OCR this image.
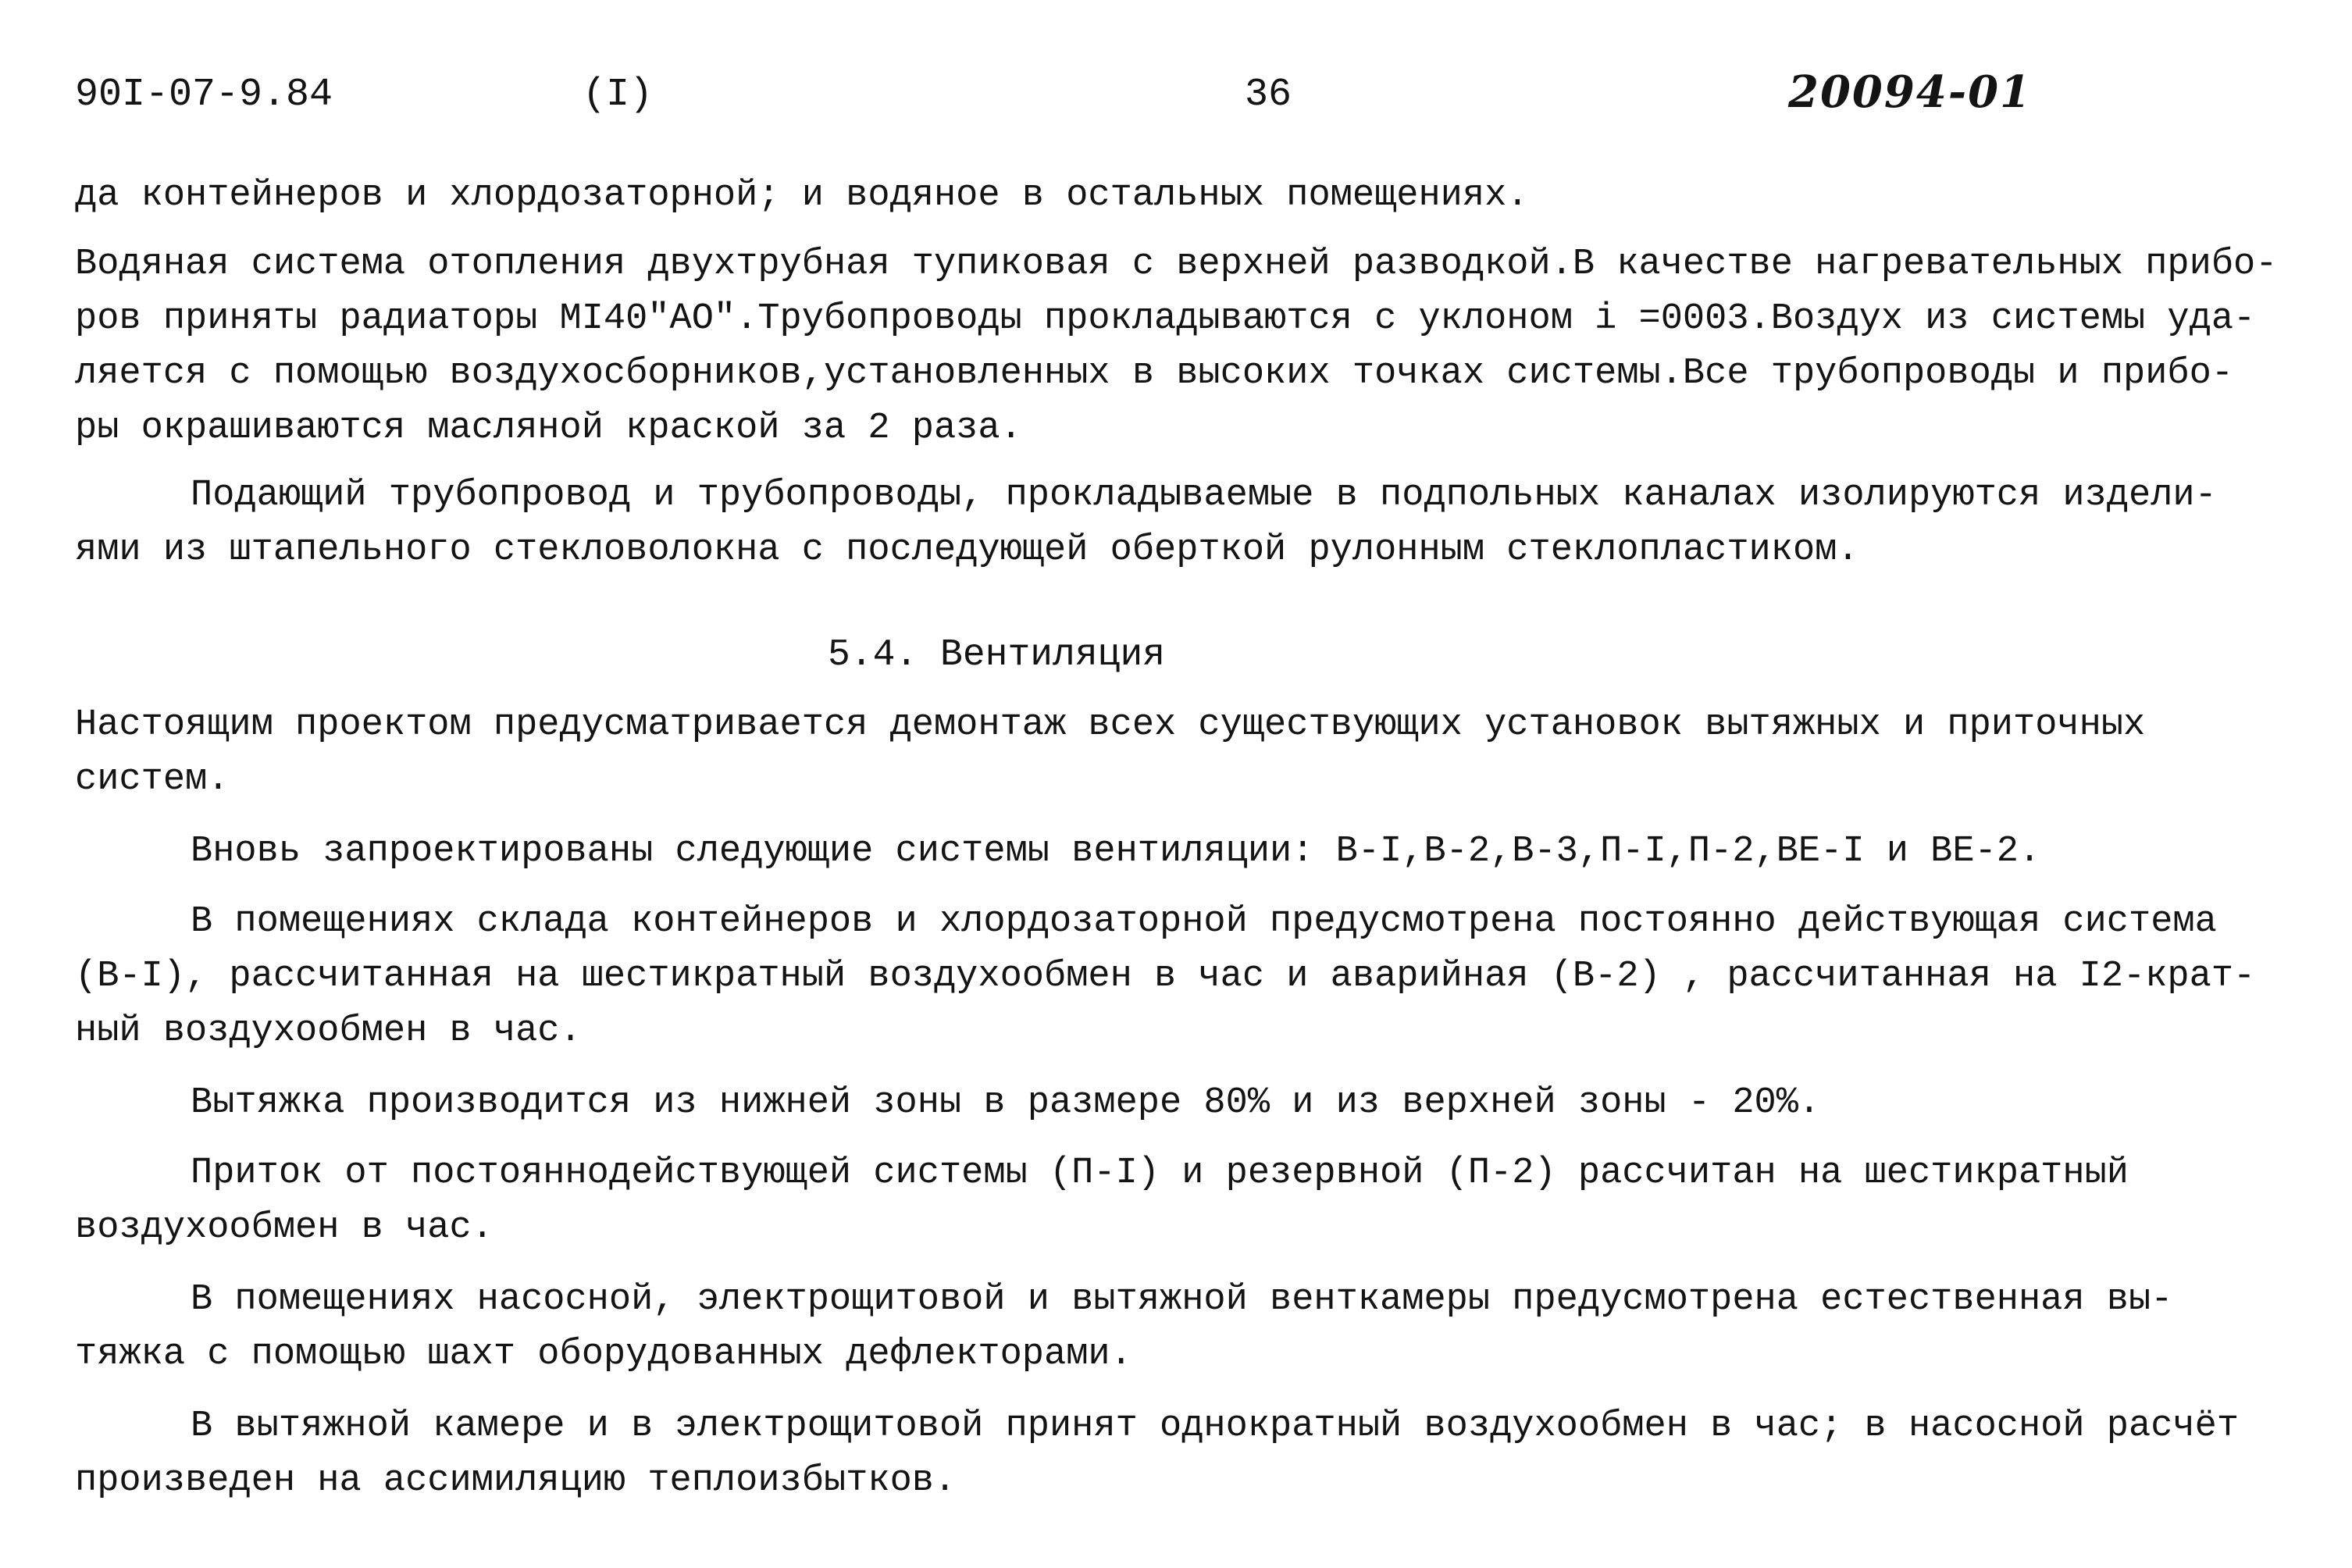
90I-07-9.84	(I)	36	20094-01
да контейнеров и хлордозаторной; и водяное в остальных помещениях.
Водяная система отопления двухтрубная тупиковая с верхней разводкой.В качестве нагревательных прибо-
ров приняты радиаторы МI40"АО".Трубопроводы прокладываются с уклоном i =0003.Воздух из системы уда-
ляется с помощью воздухосборников,установленных в высоких точках системы.Все трубопроводы и прибо-
ры окрашиваются масляной краской за 2 раза.
Подающий трубопровод и трубопроводы, прокладываемые в подпольных каналах изолируются издели-
ями из штапельного стекловолокна с последующей оберткой рулонным стеклопластиком.
5.4. Вентиляция
Настоящим проектом предусматривается демонтаж всех существующих установок вытяжных и приточных
систем.
Вновь запроектированы следующие системы вентиляции: В-I,В-2,В-3,П-I,П-2,ВЕ-I и ВЕ-2.
В помещениях склада контейнеров и хлордозаторной предусмотрена постоянно действующая система
(В-I), рассчитанная на шестикратный воздухообмен в час и аварийная (В-2) , рассчитанная на I2-крат-
ный воздухообмен в час.
Вытяжка производится из нижней зоны в размере 80% и из верхней зоны - 20%.
Приток от постояннодействующей системы (П-I) и резервной (П-2) рассчитан на шестикратный
воздухообмен в час.
В помещениях насосной, электрощитовой и вытяжной венткамеры предусмотрена естественная вы-
тяжка с помощью шахт оборудованных дефлекторами.
В вытяжной камере и в электрощитовой принят однократный воздухообмен в час; в насосной расчёт
произведен на ассимиляцию теплоизбытков.
